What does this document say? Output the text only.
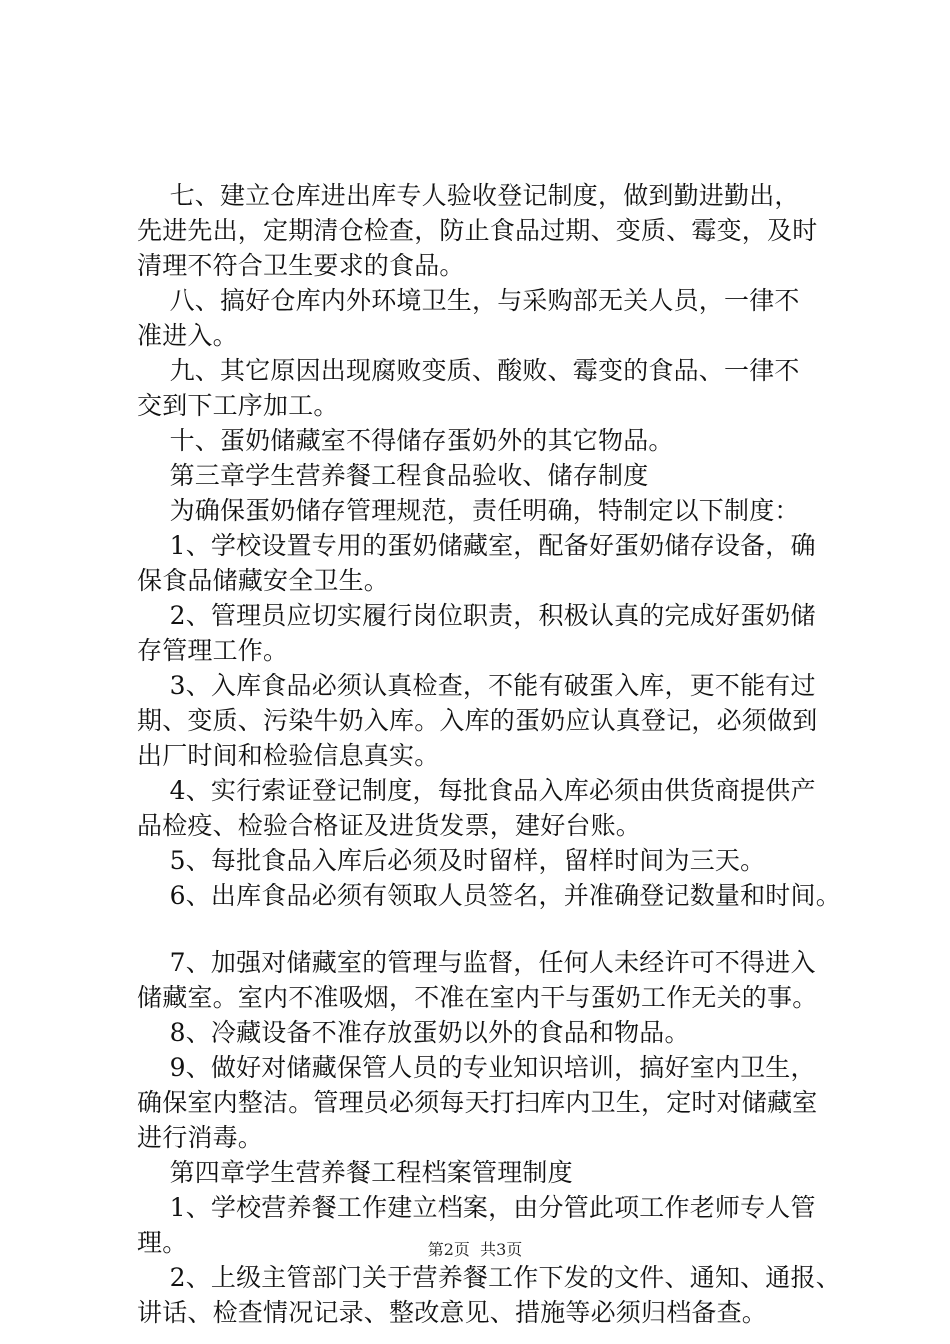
七、建立仓库进出库专人验收登记制度，做到勤进勤出，
先进先出，定期清仓检查，防止食品过期、变质、霉变，及时
清理不符合卫生要求的食品。
八、搞好仓库内外环境卫生，与采购部无关人员，一律不
准进入。
九、其它原因出现腐败变质、酸败、霉变的食品、一律不
交到下工序加工。
十、蛋奶储藏室不得储存蛋奶外的其它物品。
第三章学生营养餐工程食品验收、储存制度
为确保蛋奶储存管理规范，责任明确，特制定以下制度：
1、学校设置专用的蛋奶储藏室，配备好蛋奶储存设备，确
保食品储藏安全卫生。
2、管理员应切实履行岗位职责，积极认真的完成好蛋奶储
存管理工作。
3、入库食品必须认真检查，不能有破蛋入库，更不能有过
期、变质、污染牛奶入库。入库的蛋奶应认真登记，必须做到
出厂时间和检验信息真实。
4、实行索证登记制度，每批食品入库必须由供货商提供产
品检疫、检验合格证及进货发票，建好台账。
5、每批食品入库后必须及时留样，留样时间为三天。
6、出库食品必须有领取人员签名，并准确登记数量和时间。
7、加强对储藏室的管理与监督，任何人未经许可不得进入
储藏室。室内不准吸烟，不准在室内干与蛋奶工作无关的事。
8、冷藏设备不准存放蛋奶以外的食品和物品。
9、做好对储藏保管人员的专业知识培训，搞好室内卫生，
确保室内整洁。管理员必须每天打扫库内卫生，定时对储藏室
进行消毒。
第四章学生营养餐工程档案管理制度
1、学校营养餐工作建立档案，由分管此项工作老师专人管
理。
2、上级主管部门关于营养餐工作下发的文件、通知、通报、
讲话、检查情况记录、整改意见、措施等必须归档备查。
第2页  共3页
